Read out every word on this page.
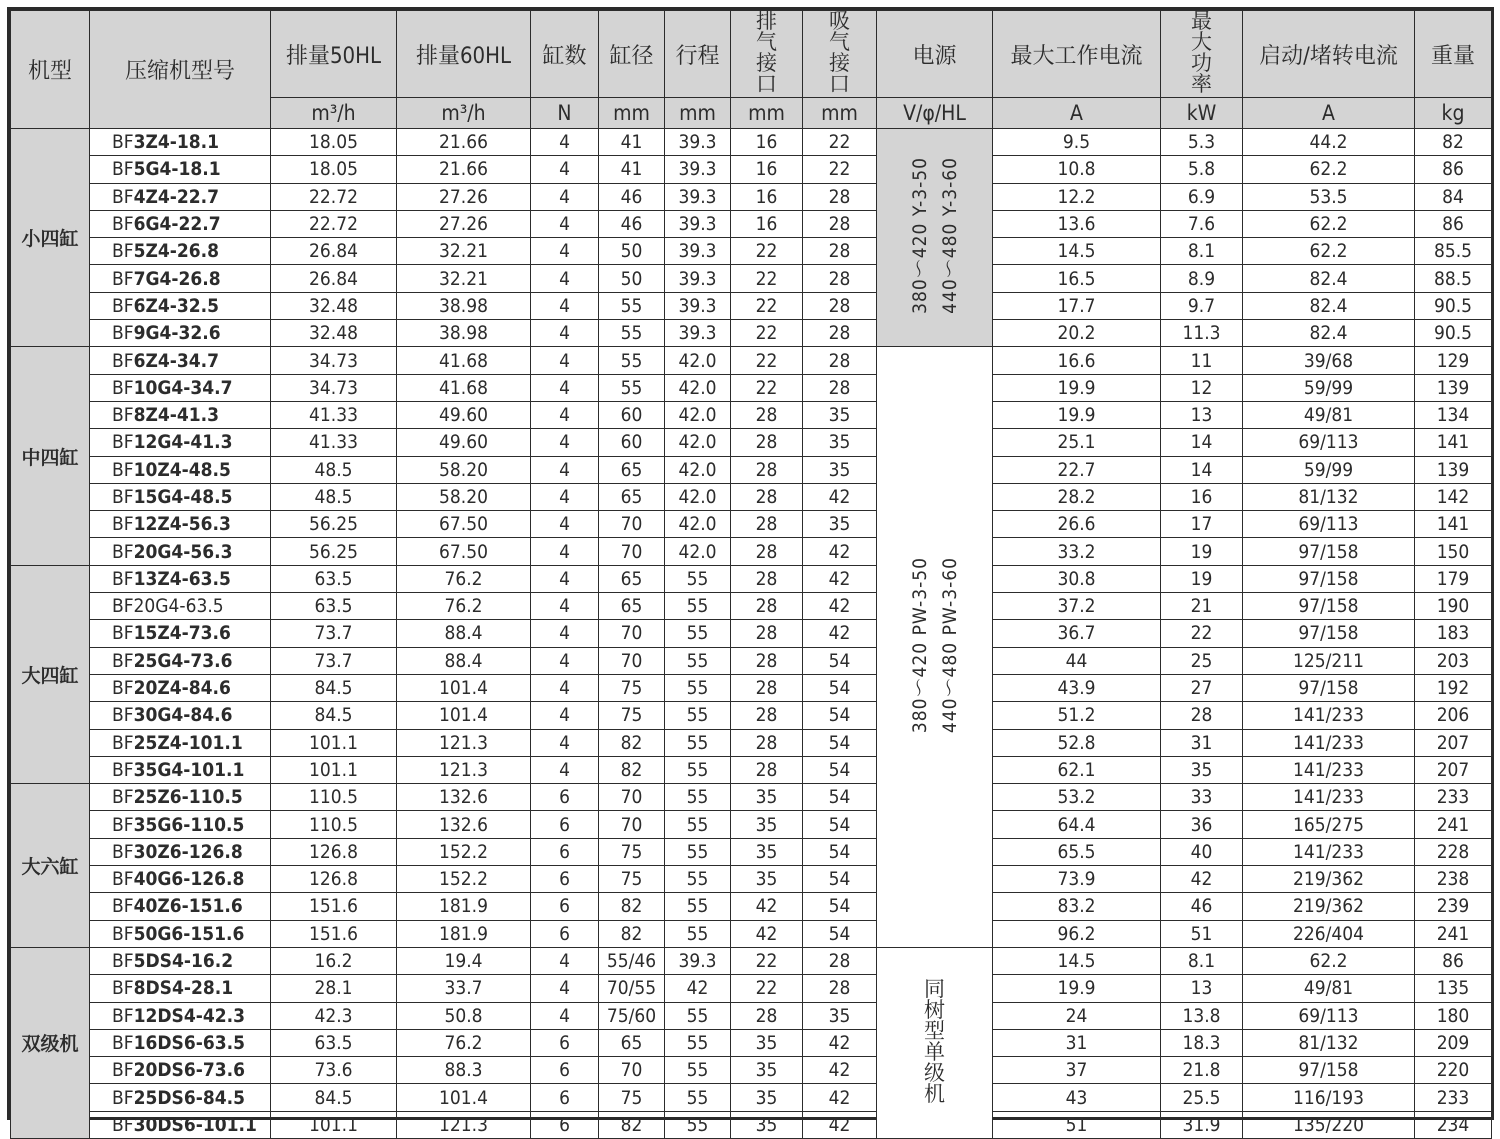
机型	压缩机型号	排量50HL	排量60HL	缸数	缸径	行程	排气接口	吸气接口	电源	最大工作电流	最大功率	启动/堵转电流	重量
		m³/h	m³/h	N	mm	mm	mm	mm	V/φ/HL	A	kW	A	kg
小四缸	BF3Z4-18.1	18.05	21.66	4	41	39.3	16	22	380～420 Y-3-50 440～480 Y-3-60	9.5	5.3	44.2	82
	BF5G4-18.1	18.05	21.66	4	41	39.3	16	22		10.8	5.8	62.2	86
	BF4Z4-22.7	22.72	27.26	4	46	39.3	16	28		12.2	6.9	53.5	84
	BF6G4-22.7	22.72	27.26	4	46	39.3	16	28		13.6	7.6	62.2	86
	BF5Z4-26.8	26.84	32.21	4	50	39.3	22	28		14.5	8.1	62.2	85.5
	BF7G4-26.8	26.84	32.21	4	50	39.3	22	28		16.5	8.9	82.4	88.5
	BF6Z4-32.5	32.48	38.98	4	55	39.3	22	28		17.7	9.7	82.4	90.5
	BF9G4-32.6	32.48	38.98	4	55	39.3	22	28		20.2	11.3	82.4	90.5
中四缸	BF6Z4-34.7	34.73	41.68	4	55	42.0	22	28	380～420 PW-3-50 440～480 PW-3-60	16.6	11	39/68	129
	BF10G4-34.7	34.73	41.68	4	55	42.0	22	28		19.9	12	59/99	139
	BF8Z4-41.3	41.33	49.60	4	60	42.0	28	35		19.9	13	49/81	134
	BF12G4-41.3	41.33	49.60	4	60	42.0	28	35		25.1	14	69/113	141
	BF10Z4-48.5	48.5	58.20	4	65	42.0	28	35		22.7	14	59/99	139
	BF15G4-48.5	48.5	58.20	4	65	42.0	28	42		28.2	16	81/132	142
	BF12Z4-56.3	56.25	67.50	4	70	42.0	28	35		26.6	17	69/113	141
	BF20G4-56.3	56.25	67.50	4	70	42.0	28	42		33.2	19	97/158	150
大四缸	BF13Z4-63.5	63.5	76.2	4	65	55	28	42		30.8	19	97/158	179
	BF20G4-63.5	63.5	76.2	4	65	55	28	42		37.2	21	97/158	190
	BF15Z4-73.6	73.7	88.4	4	70	55	28	42		36.7	22	97/158	183
	BF25G4-73.6	73.7	88.4	4	70	55	28	54		44	25	125/211	203
	BF20Z4-84.6	84.5	101.4	4	75	55	28	54		43.9	27	97/158	192
	BF30G4-84.6	84.5	101.4	4	75	55	28	54		51.2	28	141/233	206
	BF25Z4-101.1	101.1	121.3	4	82	55	28	54		52.8	31	141/233	207
	BF35G4-101.1	101.1	121.3	4	82	55	28	54		62.1	35	141/233	207
大六缸	BF25Z6-110.5	110.5	132.6	6	70	55	35	54		53.2	33	141/233	233
	BF35G6-110.5	110.5	132.6	6	70	55	35	54		64.4	36	165/275	241
	BF30Z6-126.8	126.8	152.2	6	75	55	35	54		65.5	40	141/233	228
	BF40G6-126.8	126.8	152.2	6	75	55	35	54		73.9	42	219/362	238
	BF40Z6-151.6	151.6	181.9	6	82	55	42	54		83.2	46	219/362	239
	BF50G6-151.6	151.6	181.9	6	82	55	42	54		96.2	51	226/404	241
双级机	BF5DS4-16.2	16.2	19.4	4	55/46	39.3	22	28	同树型单级机	14.5	8.1	62.2	86
	BF8DS4-28.1	28.1	33.7	4	70/55	42	22	28		19.9	13	49/81	135
	BF12DS4-42.3	42.3	50.8	4	75/60	55	28	35		24	13.8	69/113	180
	BF16DS6-63.5	63.5	76.2	6	65	55	35	42		31	18.3	81/132	209
	BF20DS6-73.6	73.6	88.3	6	70	55	35	42		37	21.8	97/158	220
	BF25DS6-84.5	84.5	101.4	6	75	55	35	42		43	25.5	116/193	233
	BF30DS6-101.1	101.1	121.3	6	82	55	35	42		51	31.9	135/220	234
